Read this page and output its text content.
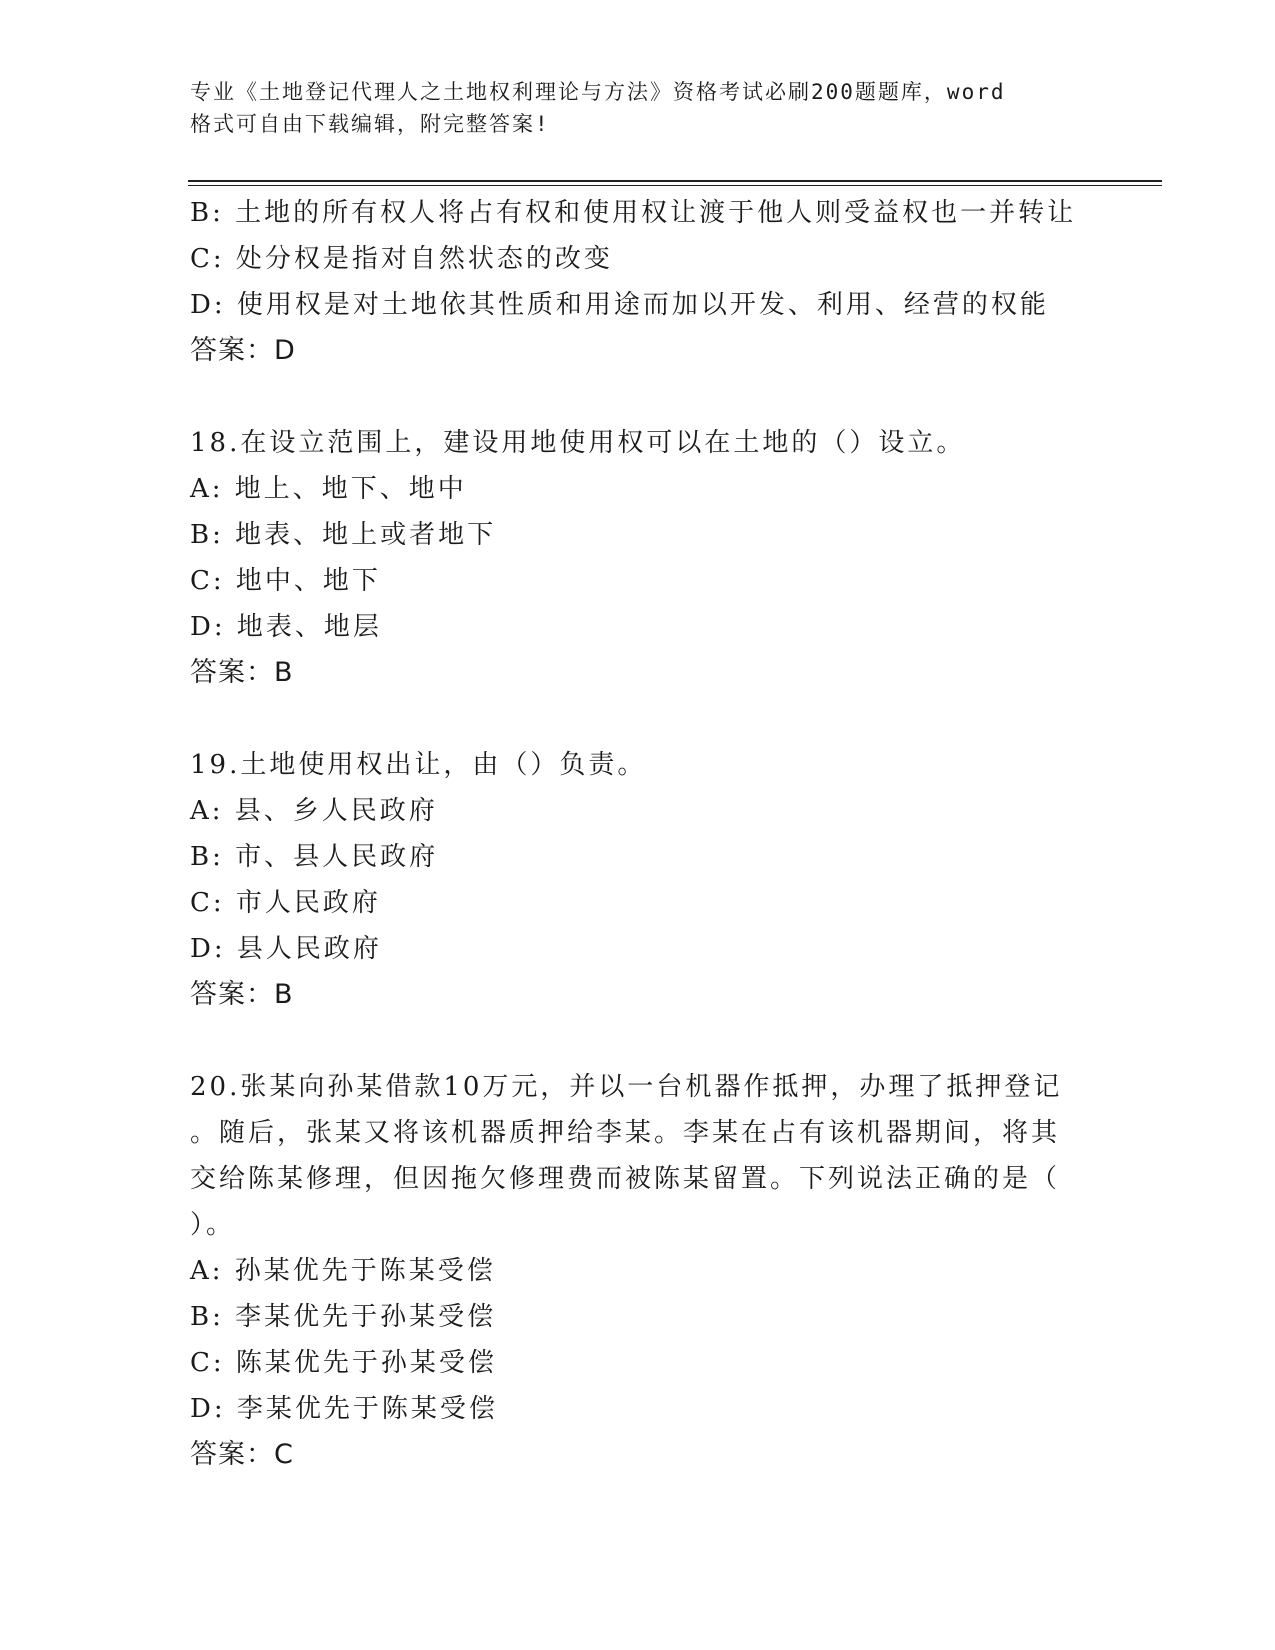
专业《土地登记代理人之土地权利理论与方法》资格考试必刷200题题库，word
格式可自由下载编辑，附完整答案!
B: 土地的所有权人将占有权和使用权让渡于他人则受益权也一并转让
C: 处分权是指对自然状态的改变
D: 使用权是对土地依其性质和用途而加以开发、利用、经营的权能
答案：D
18.在设立范围上，建设用地使用权可以在土地的（）设立。
A: 地上、地下、地中
B: 地表、地上或者地下
C: 地中、地下
D: 地表、地层
答案：B
19.土地使用权出让，由（）负责。
A: 县、乡人民政府
B: 市、县人民政府
C: 市人民政府
D: 县人民政府
答案：B
20.张某向孙某借款10万元，并以一台机器作抵押，办理了抵押登记
。随后，张某又将该机器质押给李某。李某在占有该机器期间，将其
交给陈某修理，但因拖欠修理费而被陈某留置。下列说法正确的是（
）。
A: 孙某优先于陈某受偿
B: 李某优先于孙某受偿
C: 陈某优先于孙某受偿
D: 李某优先于陈某受偿
答案：C
